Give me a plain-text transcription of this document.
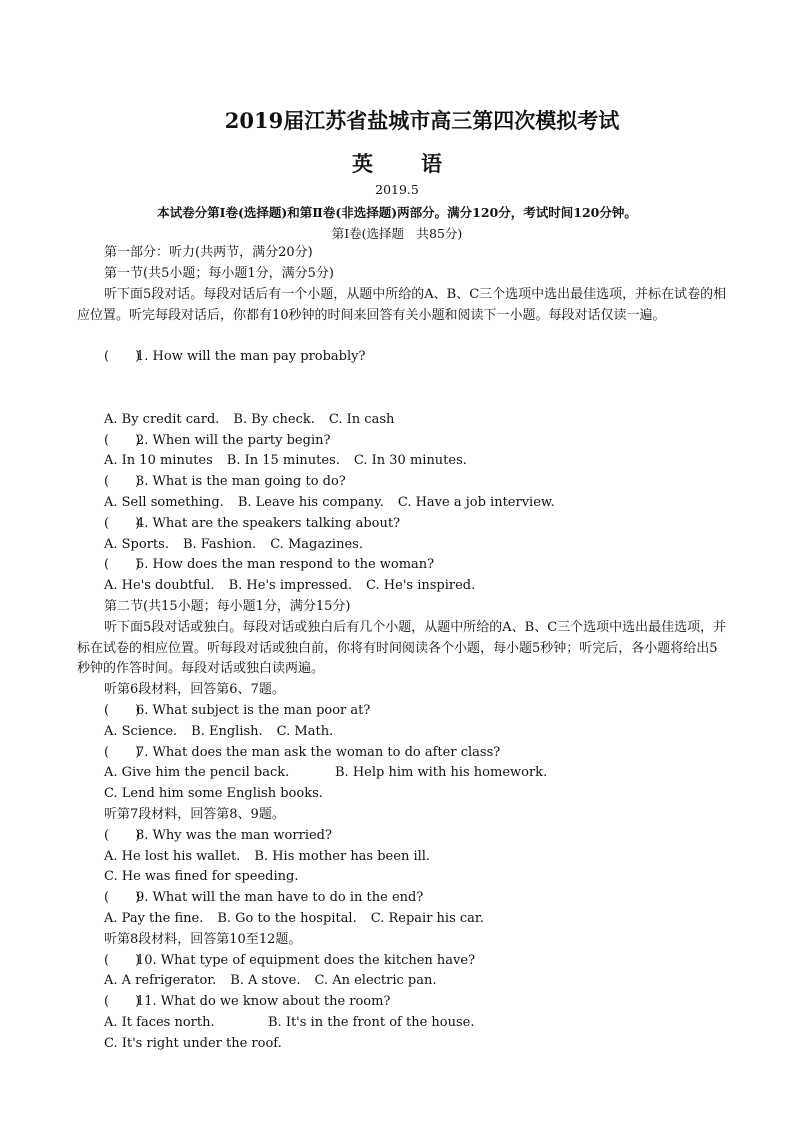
2019届江苏省盐城市高三第四次模拟考试
英 语
2019.5
本试卷分第Ⅰ卷(选择题)和第Ⅱ卷(非选择题)两部分。满分120分，考试时间120分钟。
第Ⅰ卷(选择题　共85分)
第一部分：听力(共两节，满分20分)
第一节(共5小题；每小题1分，满分5分)
听下面5段对话。每段对话后有一个小题，从题中所给的A、B、C三个选项中选出最佳选项，并标在试卷的相应位置。听完每段对话后，你都有10秒钟的时间来回答有关小题和阅读下一小题。每段对话仅读一遍。
(　　)1. How will the man pay probably?
A. By credit card. B. By check. C. In cash
(　　)2. When will the party begin?
A. In 10 minutes B. In 15 minutes. C. In 30 minutes.
(　　)3. What is the man going to do?
A. Sell something. B. Leave his company. C. Have a job interview.
(　　)4. What are the speakers talking about?
A. Sports. B. Fashion. C. Magazines.
(　　)5. How does the man respond to the woman?
A. He's doubtful. B. He's impressed. C. He's inspired.
第二节(共15小题；每小题1分，满分15分)
听下面5段对话或独白。每段对话或独白后有几个小题，从题中所给的A、B、C三个选项中选出最佳选项，并标在试卷的相应位置。听每段对话或独白前，你将有时间阅读各个小题，每小题5秒钟；听完后，各小题将给出5秒钟的作答时间。每段对话或独白读两遍。
听第6段材料，回答第6、7题。
(　　)6. What subject is the man poor at?
A. Science. B. English. C. Math.
(　　)7. What does the man ask the woman to do after class?
A. Give him the pencil back.	B. Help him with his homework.
C. Lend him some English books.
听第7段材料，回答第8、9题。
(　　)8. Why was the man worried?
A. He lost his wallet. B. His mother has been ill.
C. He was fined for speeding.
(　　)9. What will the man have to do in the end?
A. Pay the fine. B. Go to the hospital. C. Repair his car.
听第8段材料，回答第10至12题。
(　　)10. What type of equipment does the kitchen have?
A. A refrigerator. B. A stove. C. An electric pan.
(　　)11. What do we know about the room?
A. It faces north.	B. It's in the front of the house.
C. It's right under the roof.
